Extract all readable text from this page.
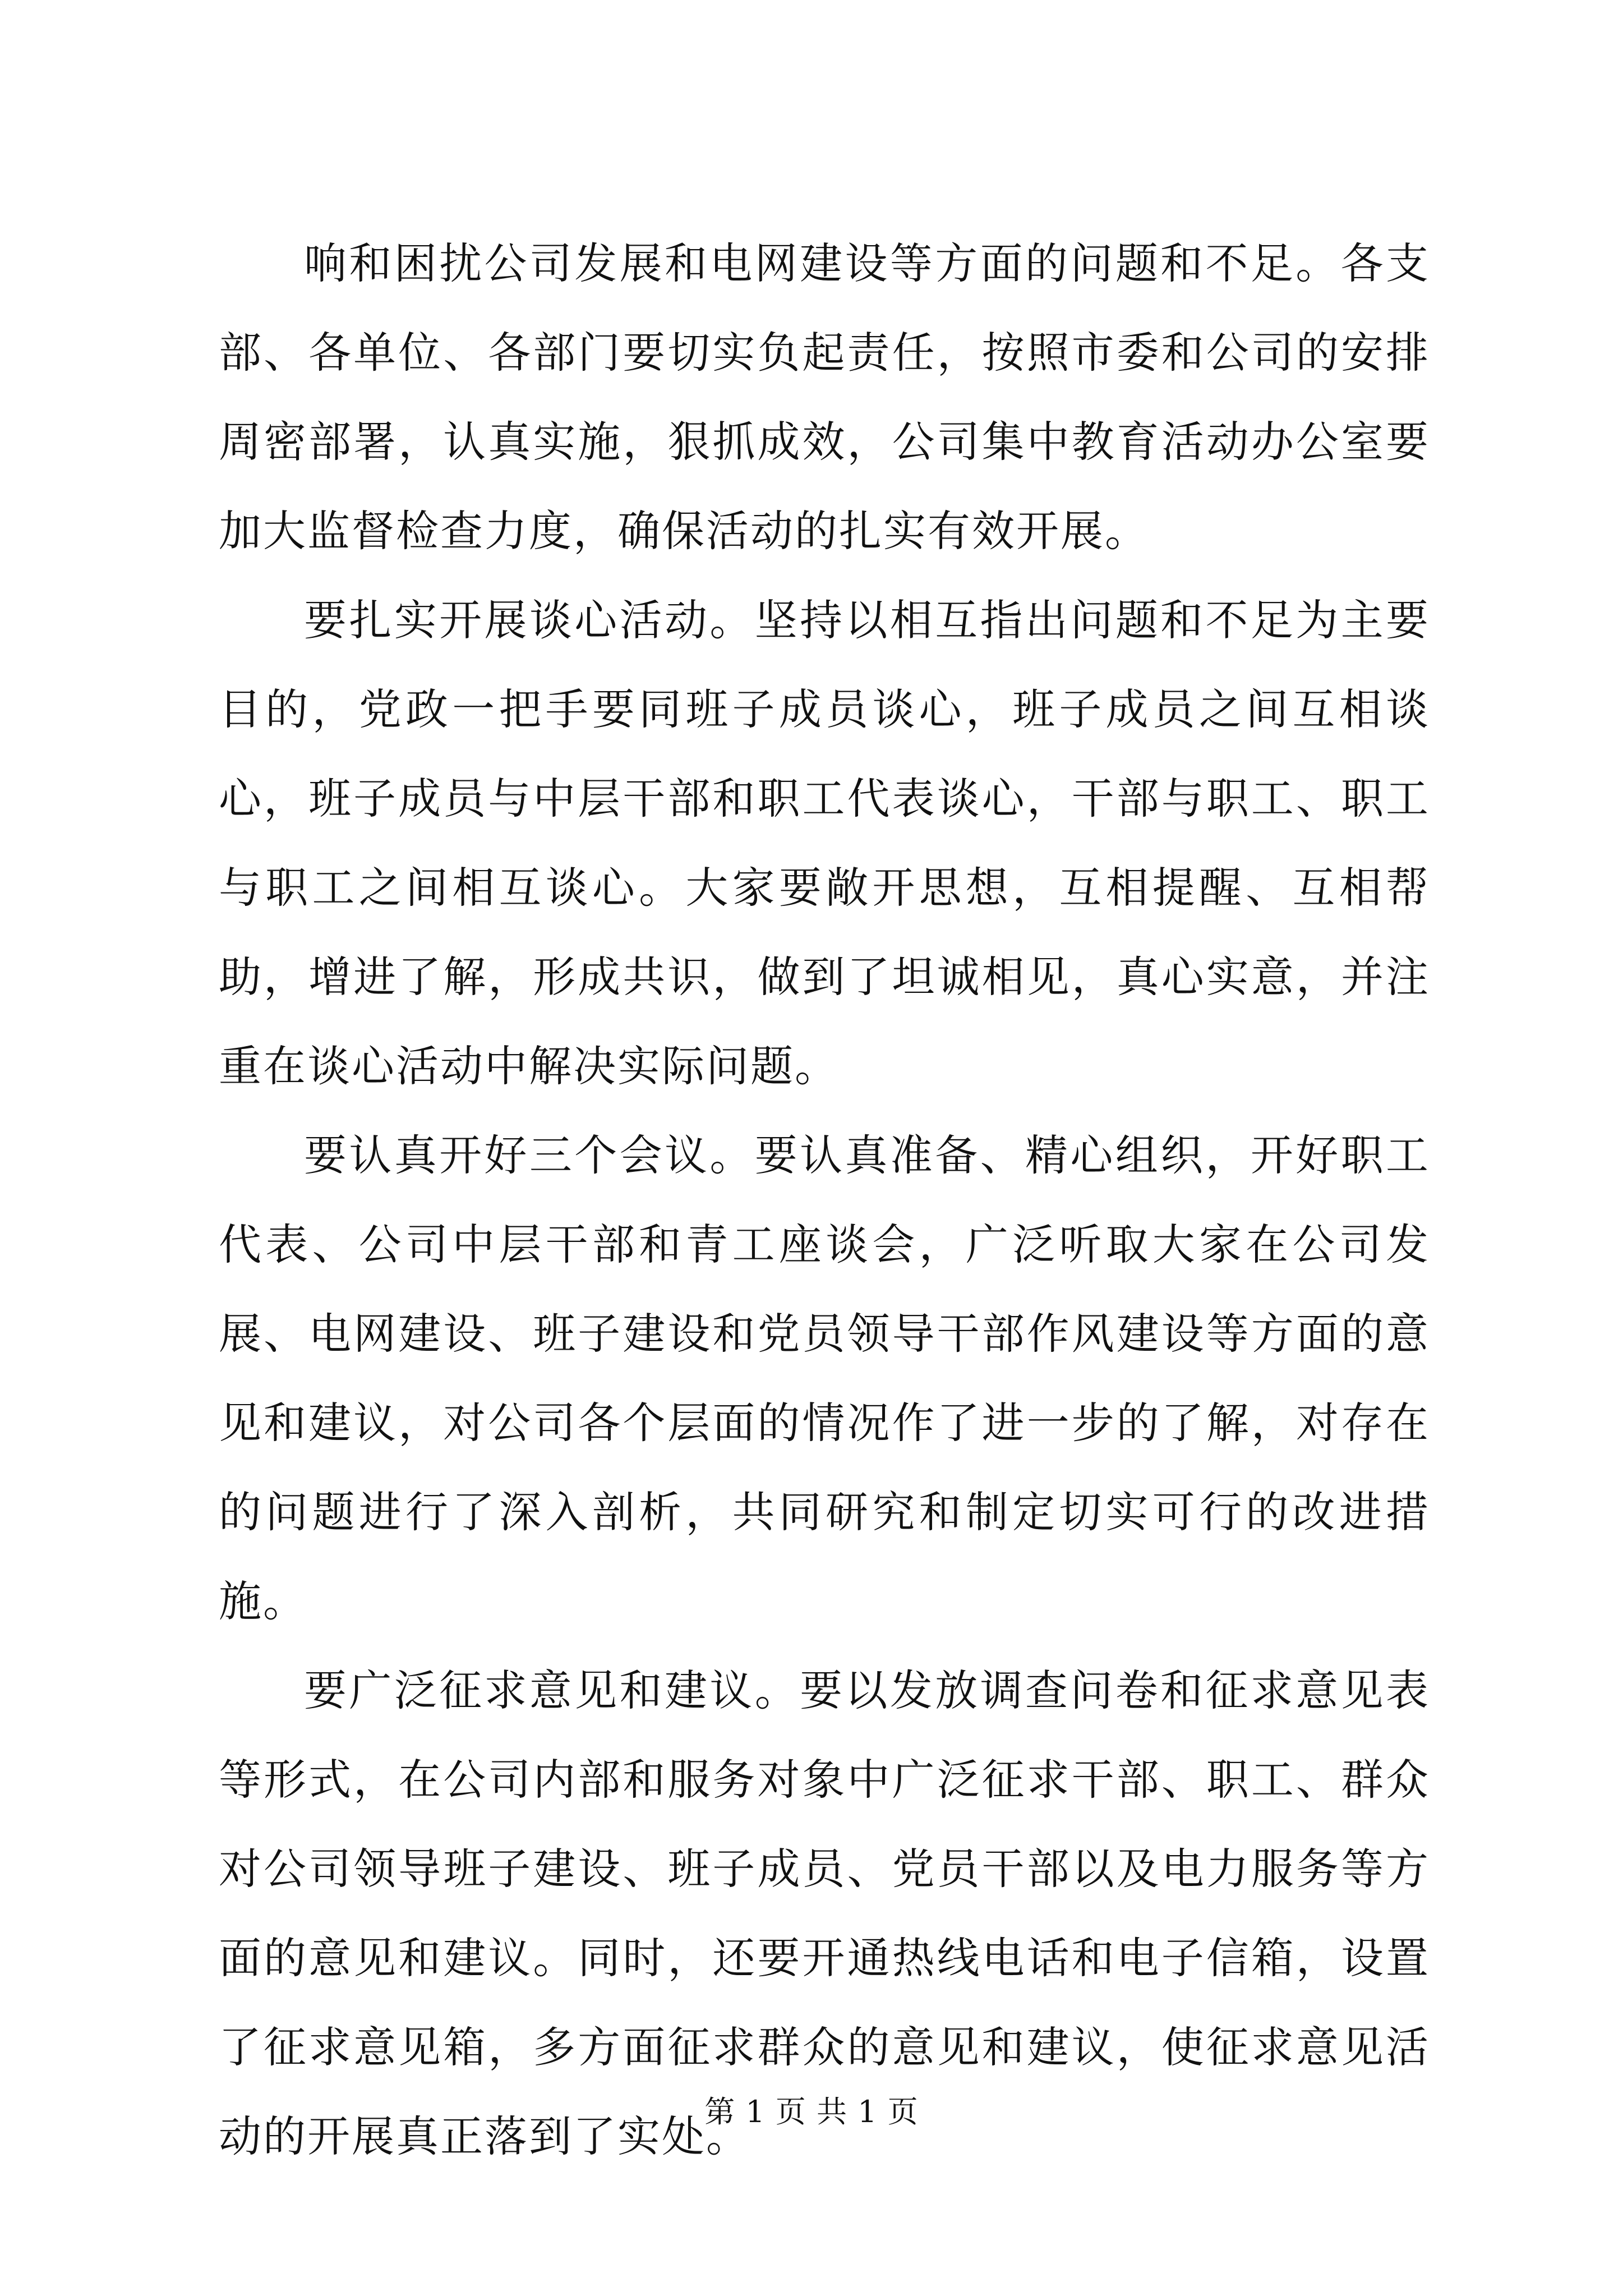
响和困扰公司发展和电网建设等方面的问题和不足。各支部、各单位、各部门要切实负起责任，按照市委和公司的安排周密部署，认真实施，狠抓成效，公司集中教育活动办公室要加大监督检查力度，确保活动的扎实有效开展。

要扎实开展谈心活动。坚持以相互指出问题和不足为主要目的，党政一把手要同班子成员谈心，班子成员之间互相谈心，班子成员与中层干部和职工代表谈心，干部与职工、职工与职工之间相互谈心。大家要敞开思想，互相提醒、互相帮助，增进了解，形成共识，做到了坦诚相见，真心实意，并注重在谈心活动中解决实际问题。

要认真开好三个会议。要认真准备、精心组织，开好职工代表、公司中层干部和青工座谈会，广泛听取大家在公司发展、电网建设、班子建设和党员领导干部作风建设等方面的意见和建议，对公司各个层面的情况作了进一步的了解，对存在的问题进行了深入剖析，共同研究和制定切实可行的改进措施。

要广泛征求意见和建议。要以发放调查问卷和征求意见表等形式，在公司内部和服务对象中广泛征求干部、职工、群众对公司领导班子建设、班子成员、党员干部以及电力服务等方面的意见和建议。同时，还要开通热线电话和电子信箱，设置了征求意见箱，多方面征求群众的意见和建议，使征求意见活动的开展真正落到了实处。

第 1 页 共 1 页
